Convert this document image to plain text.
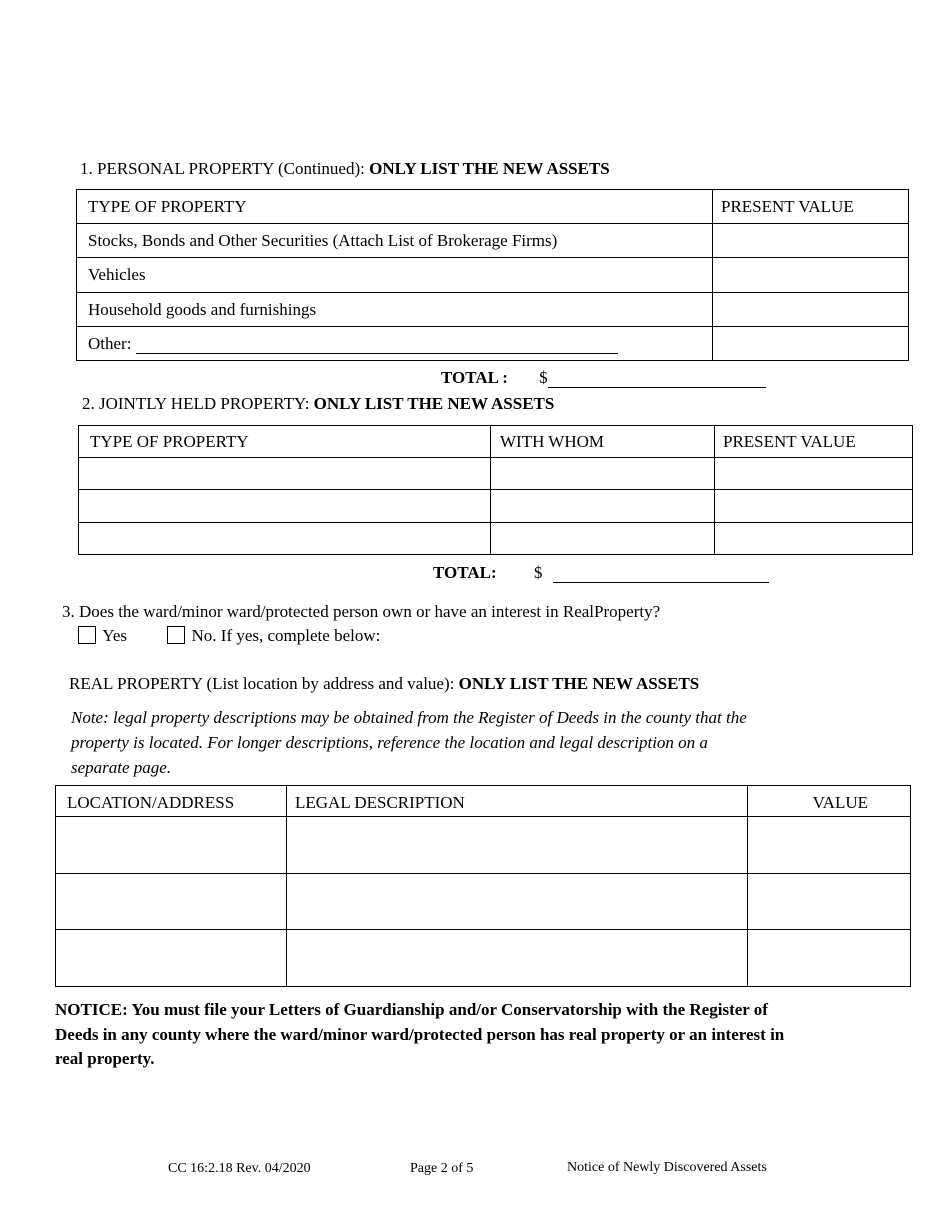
1. PERSONAL PROPERTY (Continued): ONLY LIST THE NEW ASSETS
TYPE OF PROPERTY	PRESENT VALUE
Stocks, Bonds and Other Securities (Attach List of Brokerage Firms)	
Vehicles	
Household goods and furnishings	
Other:	
TOTAL : $
2. JOINTLY HELD PROPERTY: ONLY LIST THE NEW ASSETS
TYPE OF PROPERTY	WITH WHOM	PRESENT VALUE

TOTAL: $
3. Does the ward/minor ward/protected person own or have an interest in RealProperty?
Yes	No. If yes, complete below:
REAL PROPERTY (List location by address and value): ONLY LIST THE NEW ASSETS
Note: legal property descriptions may be obtained from the Register of Deeds in the county that the
property is located. For longer descriptions, reference the location and legal description on a
separate page.
LOCATION/ADDRESS	LEGAL DESCRIPTION	VALUE

NOTICE: You must file your Letters of Guardianship and/or Conservatorship with the Register of
Deeds in any county where the ward/minor ward/protected person has real property or an interest in
real property.
CC 16:2.18 Rev. 04/2020	Page 2 of 5	Notice of Newly Discovered Assets
